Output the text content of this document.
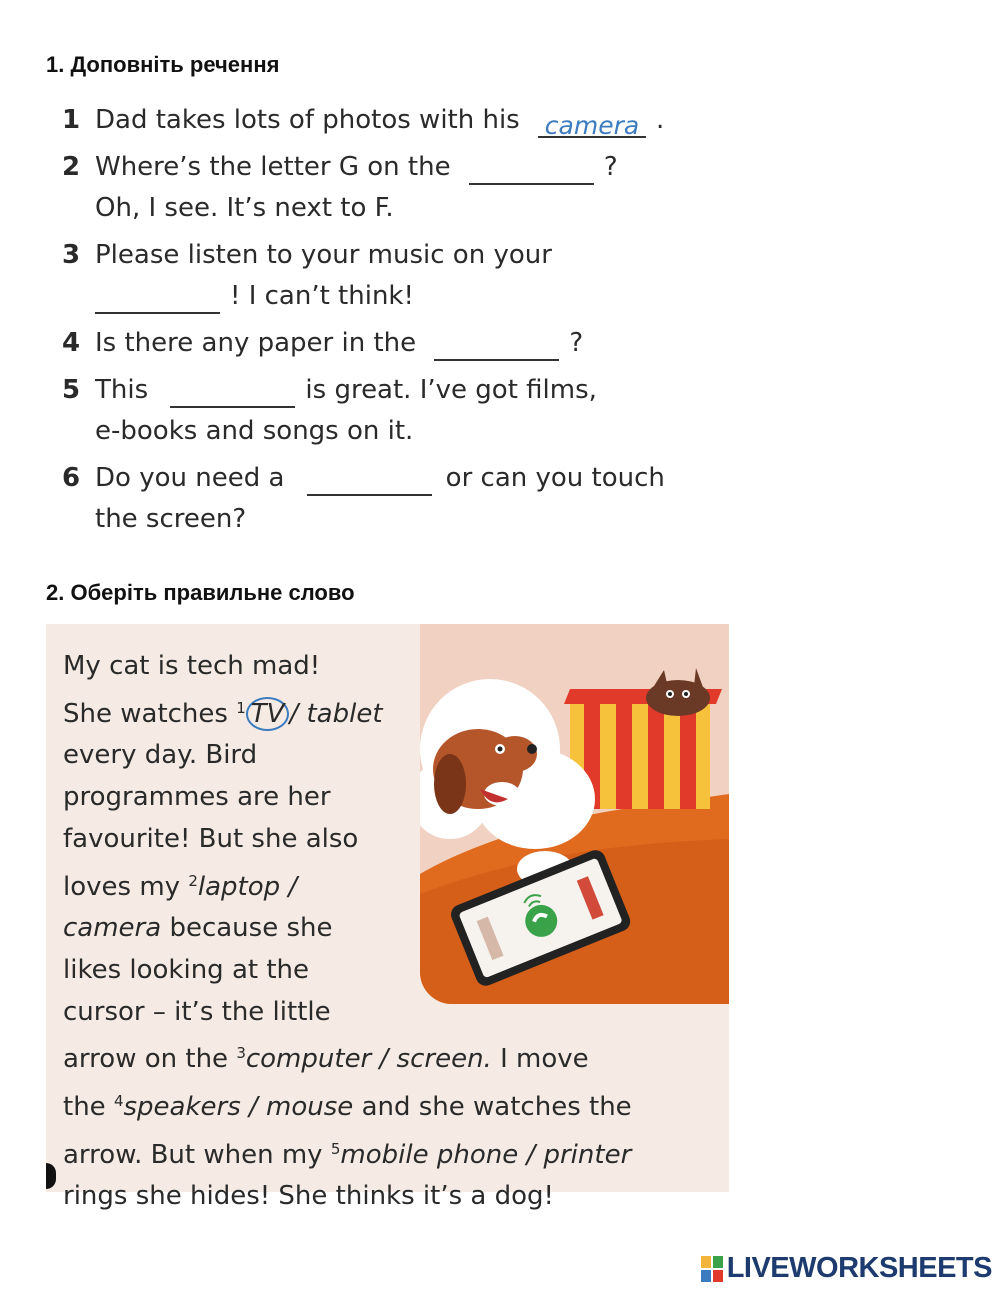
1. Доповніть речення
1 Dad takes lots of photos with his camera	.
2 Where’s the letter G on the	?
Oh, I see. It’s next to F.
3 Please listen to your music on your
! I can’t think!
4 Is there any paper in the	?
5 This	is great. I’ve got films,
e-books and songs on it.
6 Do you need a	or can you touch
the screen?
2. Оберіть правильне слово
My cat is tech mad!
She watches $^1$ TV / tablet
every day. Bird
programmes are her
favourite! But she also
loves my $^2$laptop /
camera because she
likes looking at the
cursor – it’s the little
arrow on the $^3$computer / screen. I move
the $^4$speakers / mouse and she watches the
arrow. But when my $^5$mobile phone / printer
rings she hides! She thinks it’s a dog!
LIVEWORKSHEETS
